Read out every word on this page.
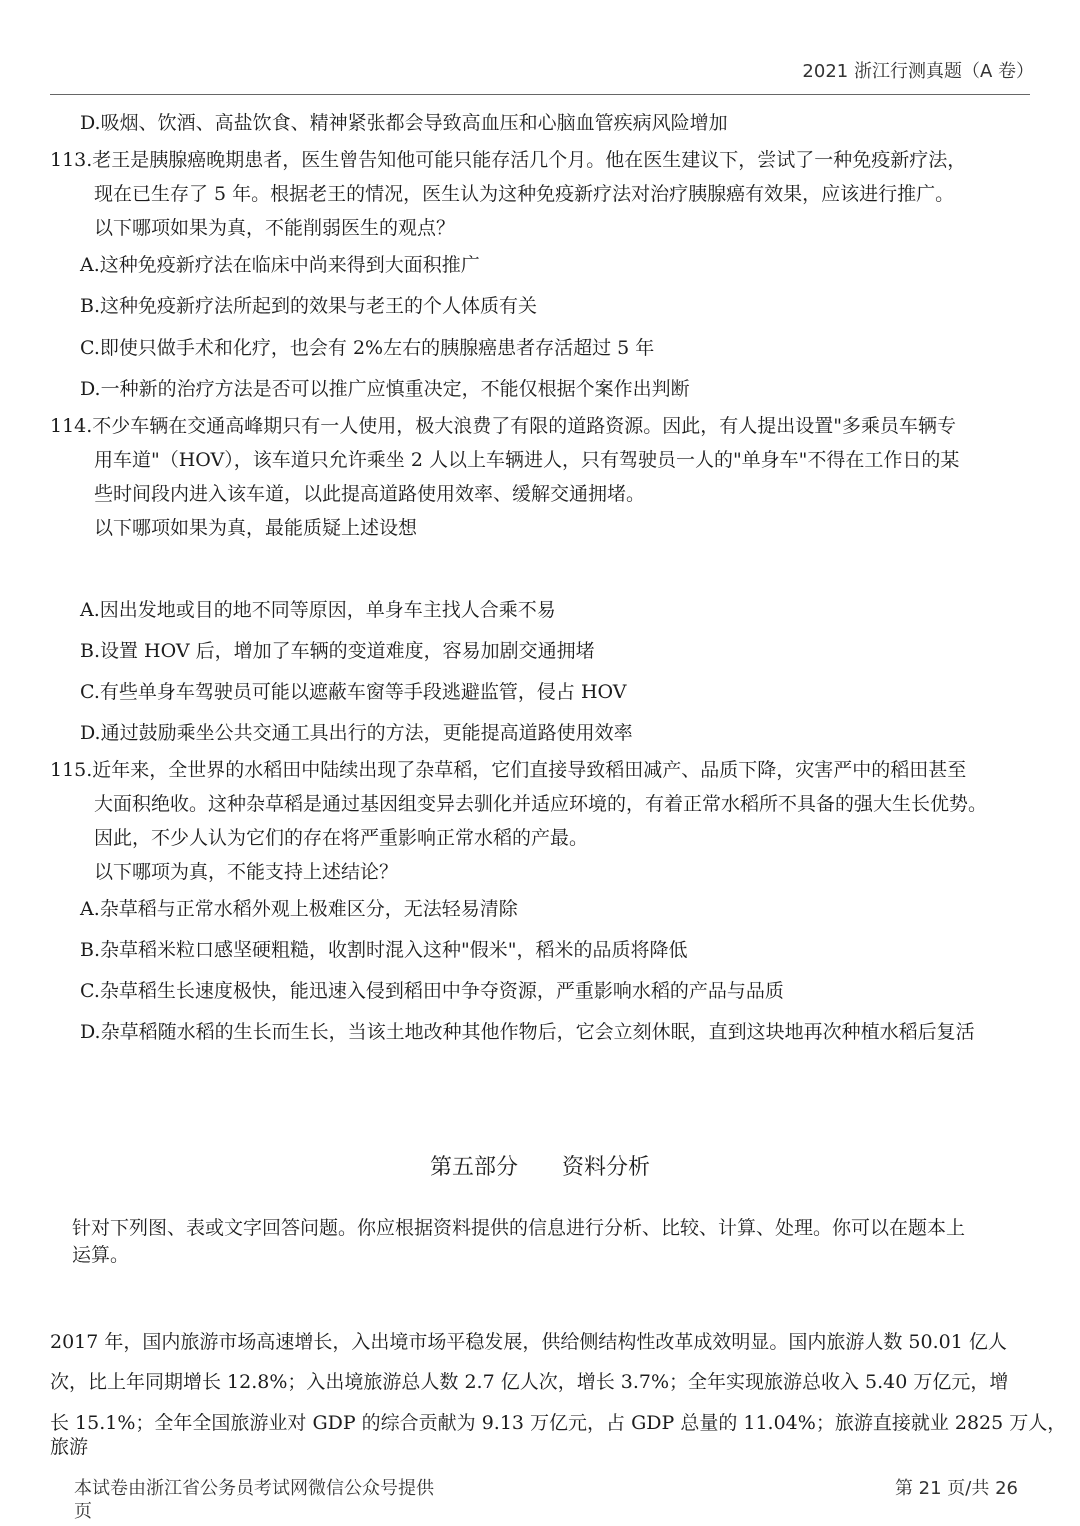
2021 浙江行测真题（A 卷）
D.吸烟、饮酒、高盐饮食、精神紧张都会导致高血压和心脑血管疾病风险增加
113.老王是胰腺癌晚期患者，医生曾告知他可能只能存活几个月。他在医生建议下，尝试了一种免疫新疗法，
现在已生存了 5 年。根据老王的情况，医生认为这种免疫新疗法对治疗胰腺癌有效果，应该进行推广。
以下哪项如果为真，不能削弱医生的观点？
A.这种免疫新疗法在临床中尚来得到大面积推广
B.这种免疫新疗法所起到的效果与老王的个人体质有关
C.即使只做手术和化疗，也会有 2%左右的胰腺癌患者存活超过 5 年
D.一种新的治疗方法是否可以推广应慎重决定，不能仅根据个案作出判断
114.不少车辆在交通高峰期只有一人使用，极大浪费了有限的道路资源。因此，有人提出设置"多乘员车辆专
用车道"（HOV），该车道只允许乘坐 2 人以上车辆进人，只有驾驶员一人的"单身车"不得在工作日的某
些时间段内进入该车道，以此提高道路使用效率、缓解交通拥堵。
以下哪项如果为真，最能质疑上述设想
A.因出发地或目的地不同等原因，单身车主找人合乘不易
B.设置 HOV 后，增加了车辆的变道难度，容易加剧交通拥堵
C.有些单身车驾驶员可能以遮蔽车窗等手段逃避监管，侵占 HOV
D.通过鼓励乘坐公共交通工具出行的方法，更能提高道路使用效率
115.近年来，全世界的水稻田中陆续出现了杂草稻，它们直接导致稻田减产、品质下降，灾害严中的稻田甚至
大面积绝收。这种杂草稻是通过基因组变异去驯化并适应环境的，有着正常水稻所不具备的强大生长优势。
因此，不少人认为它们的存在将严重影响正常水稻的产最。
以下哪项为真，不能支持上述结论？
A.杂草稻与正常水稻外观上极难区分，无法轻易清除
B.杂草稻米粒口感坚硬粗糙，收割时混入这种"假米"，稻米的品质将降低
C.杂草稻生长速度极快，能迅速入侵到稻田中争夺资源，严重影响水稻的产品与品质
D.杂草稻随水稻的生长而生长，当该土地改种其他作物后，它会立刻休眠，直到这块地再次种植水稻后复活
第五部分 资料分析
针对下列图、表或文字回答问题。你应根据资料提供的信息进行分析、比较、计算、处理。你可以在题本上
运算。
2017 年，国内旅游市场高速增长，入出境市场平稳发展，供给侧结构性改革成效明显。国内旅游人数 50.01 亿人
次，比上年同期增长 12.8%；入出境旅游总人数 2.7 亿人次，增长 3.7%；全年实现旅游总收入 5.40 万亿元，增
长 15.1%；全年全国旅游业对 GDP 的综合贡献为 9.13 万亿元，占 GDP 总量的 11.04%；旅游直接就业 2825 万人，
旅游
本试卷由浙江省公务员考试网微信公众号提供
页
第 21 页/共 26
